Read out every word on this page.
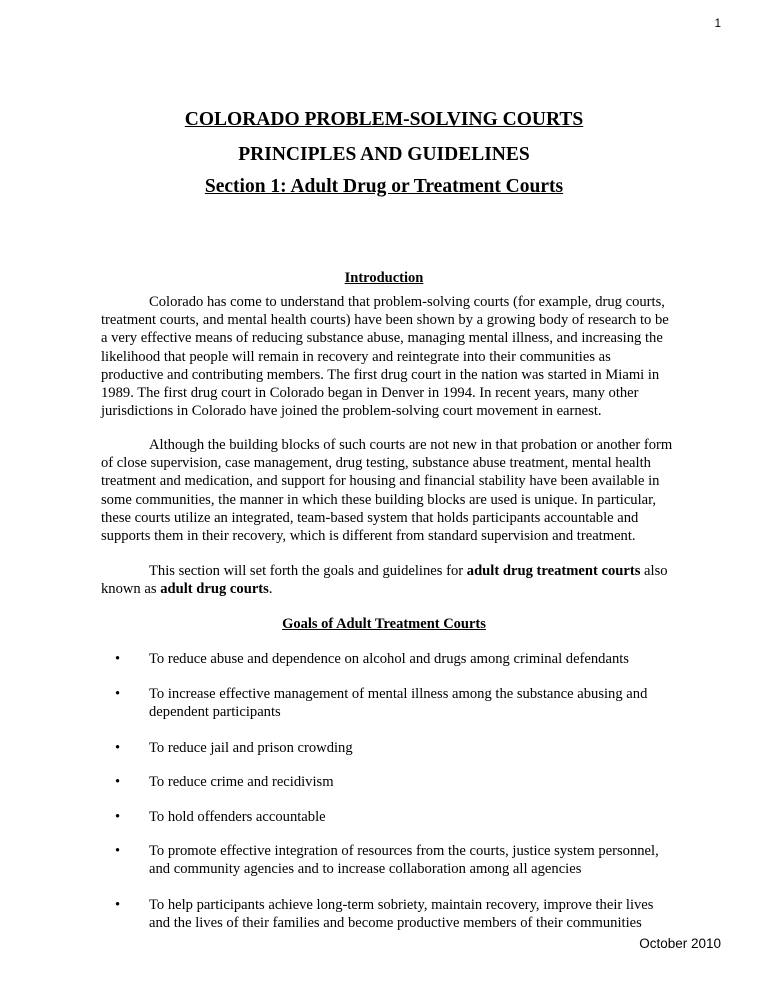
1
COLORADO PROBLEM-SOLVING COURTS
PRINCIPLES AND GUIDELINES
Section 1: Adult Drug or Treatment Courts
Introduction
Colorado has come to understand that problem-solving courts (for example, drug courts,
treatment courts, and mental health courts) have been shown by a growing body of research to be
a very effective means of reducing substance abuse, managing mental illness, and increasing the
likelihood that people will remain in recovery and reintegrate into their communities as
productive and contributing members. The first drug court in the nation was started in Miami in
1989. The first drug court in Colorado began in Denver in 1994. In recent years, many other
jurisdictions in Colorado have joined the problem-solving court movement in earnest.
Although the building blocks of such courts are not new in that probation or another form
of close supervision, case management, drug testing, substance abuse treatment, mental health
treatment and medication, and support for housing and financial stability have been available in
some communities, the manner in which these building blocks are used is unique. In particular,
these courts utilize an integrated, team-based system that holds participants accountable and
supports them in their recovery, which is different from standard supervision and treatment.
This section will set forth the goals and guidelines for adult drug treatment courts also
known as adult drug courts.
Goals of Adult Treatment Courts
• To reduce abuse and dependence on alcohol and drugs among criminal defendants
• To increase effective management of mental illness among the substance abusing and
dependent participants
• To reduce jail and prison crowding
• To reduce crime and recidivism
• To hold offenders accountable
• To promote effective integration of resources from the courts, justice system personnel,
and community agencies and to increase collaboration among all agencies
• To help participants achieve long-term sobriety, maintain recovery, improve their lives
and the lives of their families and become productive members of their communities
October 2010
